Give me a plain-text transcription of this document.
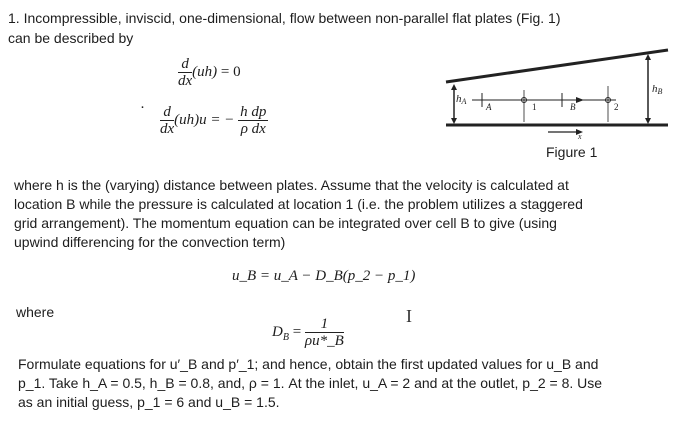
1. Incompressible, inviscid, one-dimensional, flow between non-parallel flat plates (Fig. 1)
can be described by
$\frac{d}{dx} (uh) = 0$
· $\frac{d}{dx} (uh)u$ = − $\frac{\text{h dp}}{\text{ρ dx}}$
hA
A	1	B	2
hB
x
Figure 1
where h is the (varying) distance between plates. Assume that the velocity is calculated at
location B while the pressure is calculated at location 1 (i.e. the problem utilizes a staggered
grid arrangement). The momentum equation can be integrated over cell B to give (using
upwind differencing for the convection term)
u_B = u_A − D_B(p_2 − p_1)
where
$D_B = \frac{1}{\rho u*\_B}$	I
Formulate equations for u′_B and p′_1; and hence, obtain the first updated values for u_B and
p_1. Take h_A = 0.5, h_B = 0.8, and, ρ = 1. At the inlet, u_A = 2 and at the outlet, p_2 = 8. Use
as an initial guess, p_1 = 6 and u_B = 1.5.
